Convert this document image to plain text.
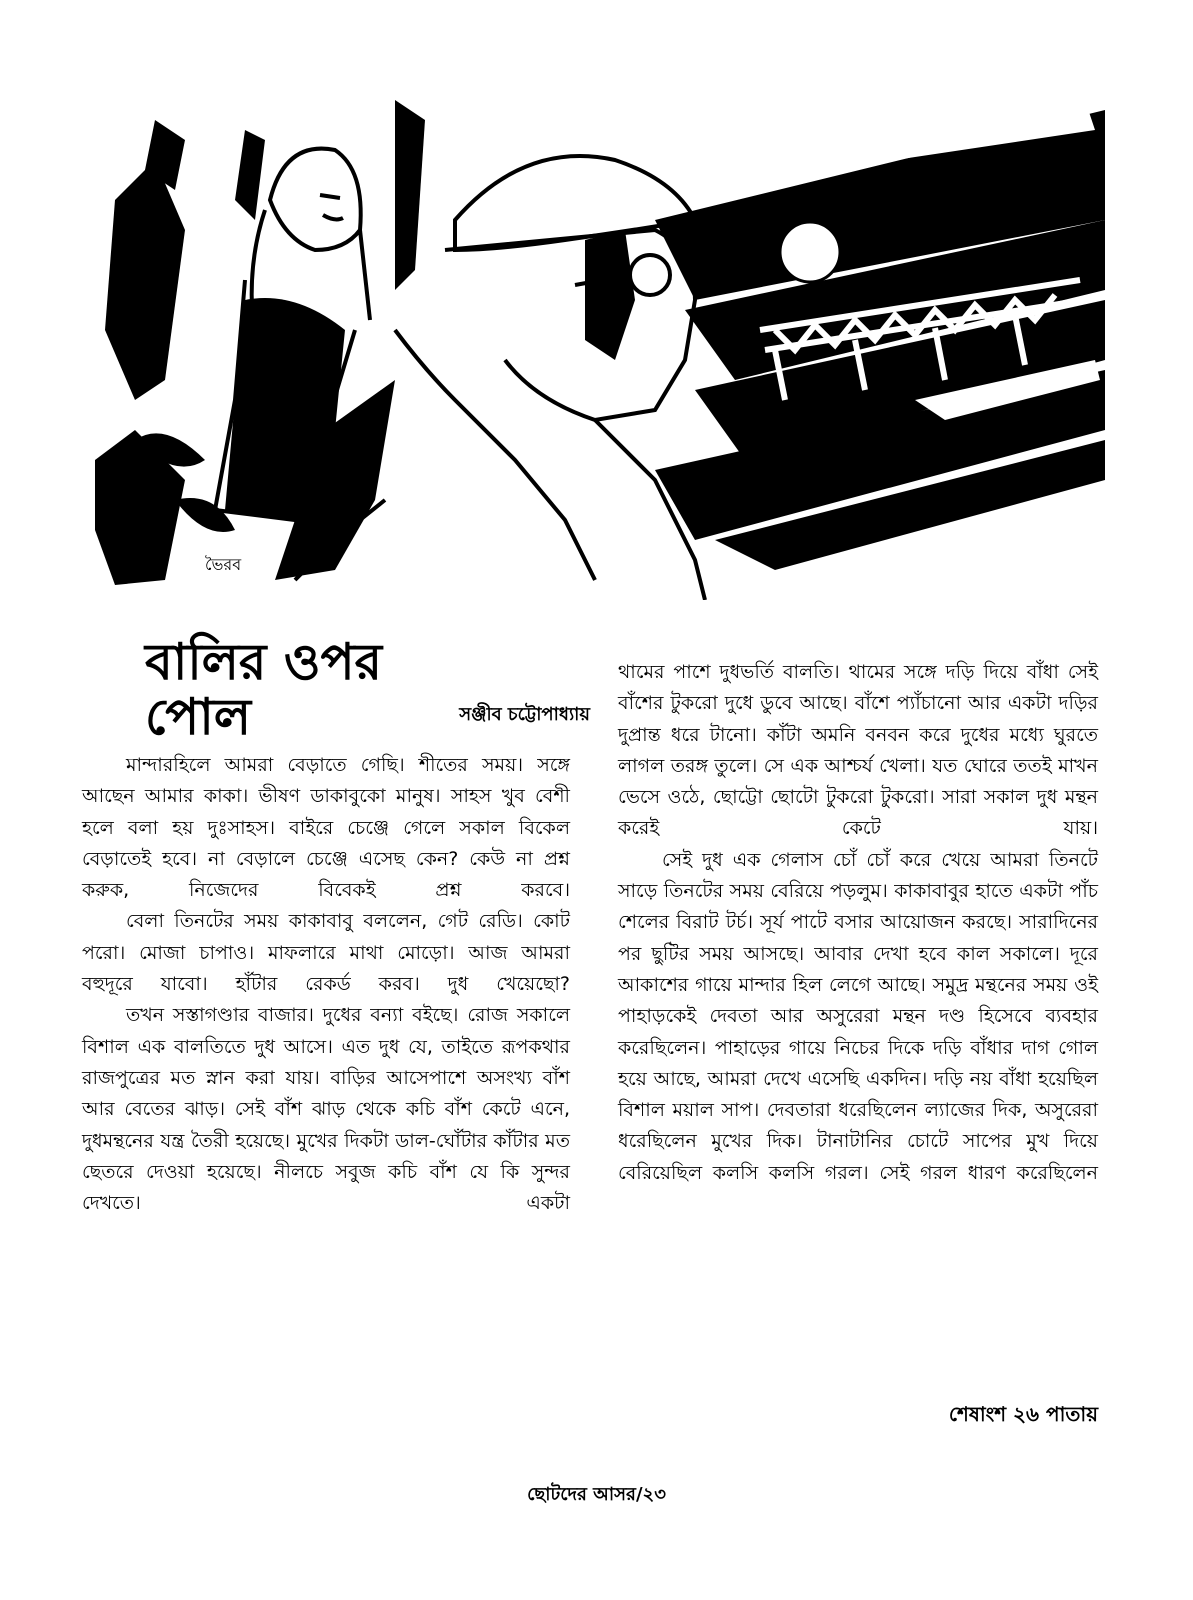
ভৈরব
বালির ওপর পোল	সঞ্জীব চট্টোপাধ্যায়

মান্দারহিলে আমরা বেড়াতে গেছি। শীতের সময়। সঙ্গে আছেন আমার কাকা। ভীষণ ডাকাবুকো মানুষ। সাহস খুব বেশী হলে বলা হয় দুঃসাহস। বাইরে চেঞ্জে গেলে সকাল বিকেল বেড়াতেই হবে। না বেড়ালে চেঞ্জে এসেছ কেন? কেউ না প্রশ্ন করুক, নিজেদের বিবেকই প্রশ্ন করবে।

বেলা তিনটের সময় কাকাবাবু বললেন, গেট রেডি। কোট পরো। মোজা চাপাও। মাফলারে মাথা মোড়ো। আজ আমরা বহুদূরে যাবো। হাঁটার রেকর্ড করব। দুধ খেয়েছো?

তখন সস্তাগণ্ডার বাজার। দুধের বন্যা বইছে। রোজ সকালে বিশাল এক বালতিতে দুধ আসে। এত দুধ যে, তাইতে রূপকথার রাজপুত্রের মত স্নান করা যায়। বাড়ির আসেপাশে অসংখ্য বাঁশ আর বেতের ঝাড়। সেই বাঁশ ঝাড় থেকে কচি বাঁশ কেটে এনে, দুধমন্থনের যন্ত্র তৈরী হয়েছে। মুখের দিকটা ডাল-ঘোঁটার কাঁটার মত ছেতরে দেওয়া হয়েছে। নীলচে সবুজ কচি বাঁশ যে কি সুন্দর দেখতে। একটা

থামের পাশে দুধভর্তি বালতি। থামের সঙ্গে দড়ি দিয়ে বাঁধা সেই বাঁশের টুকরো দুধে ডুবে আছে। বাঁশে প্যাঁচানো আর একটা দড়ির দুপ্রান্ত ধরে টানো। কাঁটা অমনি বনবন করে দুধের মধ্যে ঘুরতে লাগল তরঙ্গ তুলে। সে এক আশ্চর্য খেলা। যত ঘোরে ততই মাখন ভেসে ওঠে, ছোট্টো ছোটো টুকরো টুকরো। সারা সকাল দুধ মন্থন করেই কেটে যায়।

সেই দুধ এক গেলাস চোঁ চোঁ করে খেয়ে আমরা তিনটে সাড়ে তিনটের সময় বেরিয়ে পড়লুম। কাকাবাবুর হাতে একটা পাঁচ শেলের বিরাট টর্চ। সূর্য পাটে বসার আয়োজন করছে। সারাদিনের পর ছুটির সময় আসছে। আবার দেখা হবে কাল সকালে। দূরে আকাশের গায়ে মান্দার হিল লেগে আছে। সমুদ্র মন্থনের সময় ওই পাহাড়কেই দেবতা আর অসুরেরা মন্থন দণ্ড হিসেবে ব্যবহার করেছিলেন। পাহাড়ের গায়ে নিচের দিকে দড়ি বাঁধার দাগ গোল হয়ে আছে, আমরা দেখে এসেছি একদিন। দড়ি নয় বাঁধা হয়েছিল বিশাল ময়াল সাপ। দেবতারা ধরেছিলেন ল্যাজের দিক, অসুরেরা ধরেছিলেন মুখের দিক। টানাটানির চোটে সাপের মুখ দিয়ে বেরিয়েছিল কলসি কলসি গরল। সেই গরল ধারণ করেছিলেন

শেষাংশ ২৬ পাতায়
ছোটদের আসর/২৩
